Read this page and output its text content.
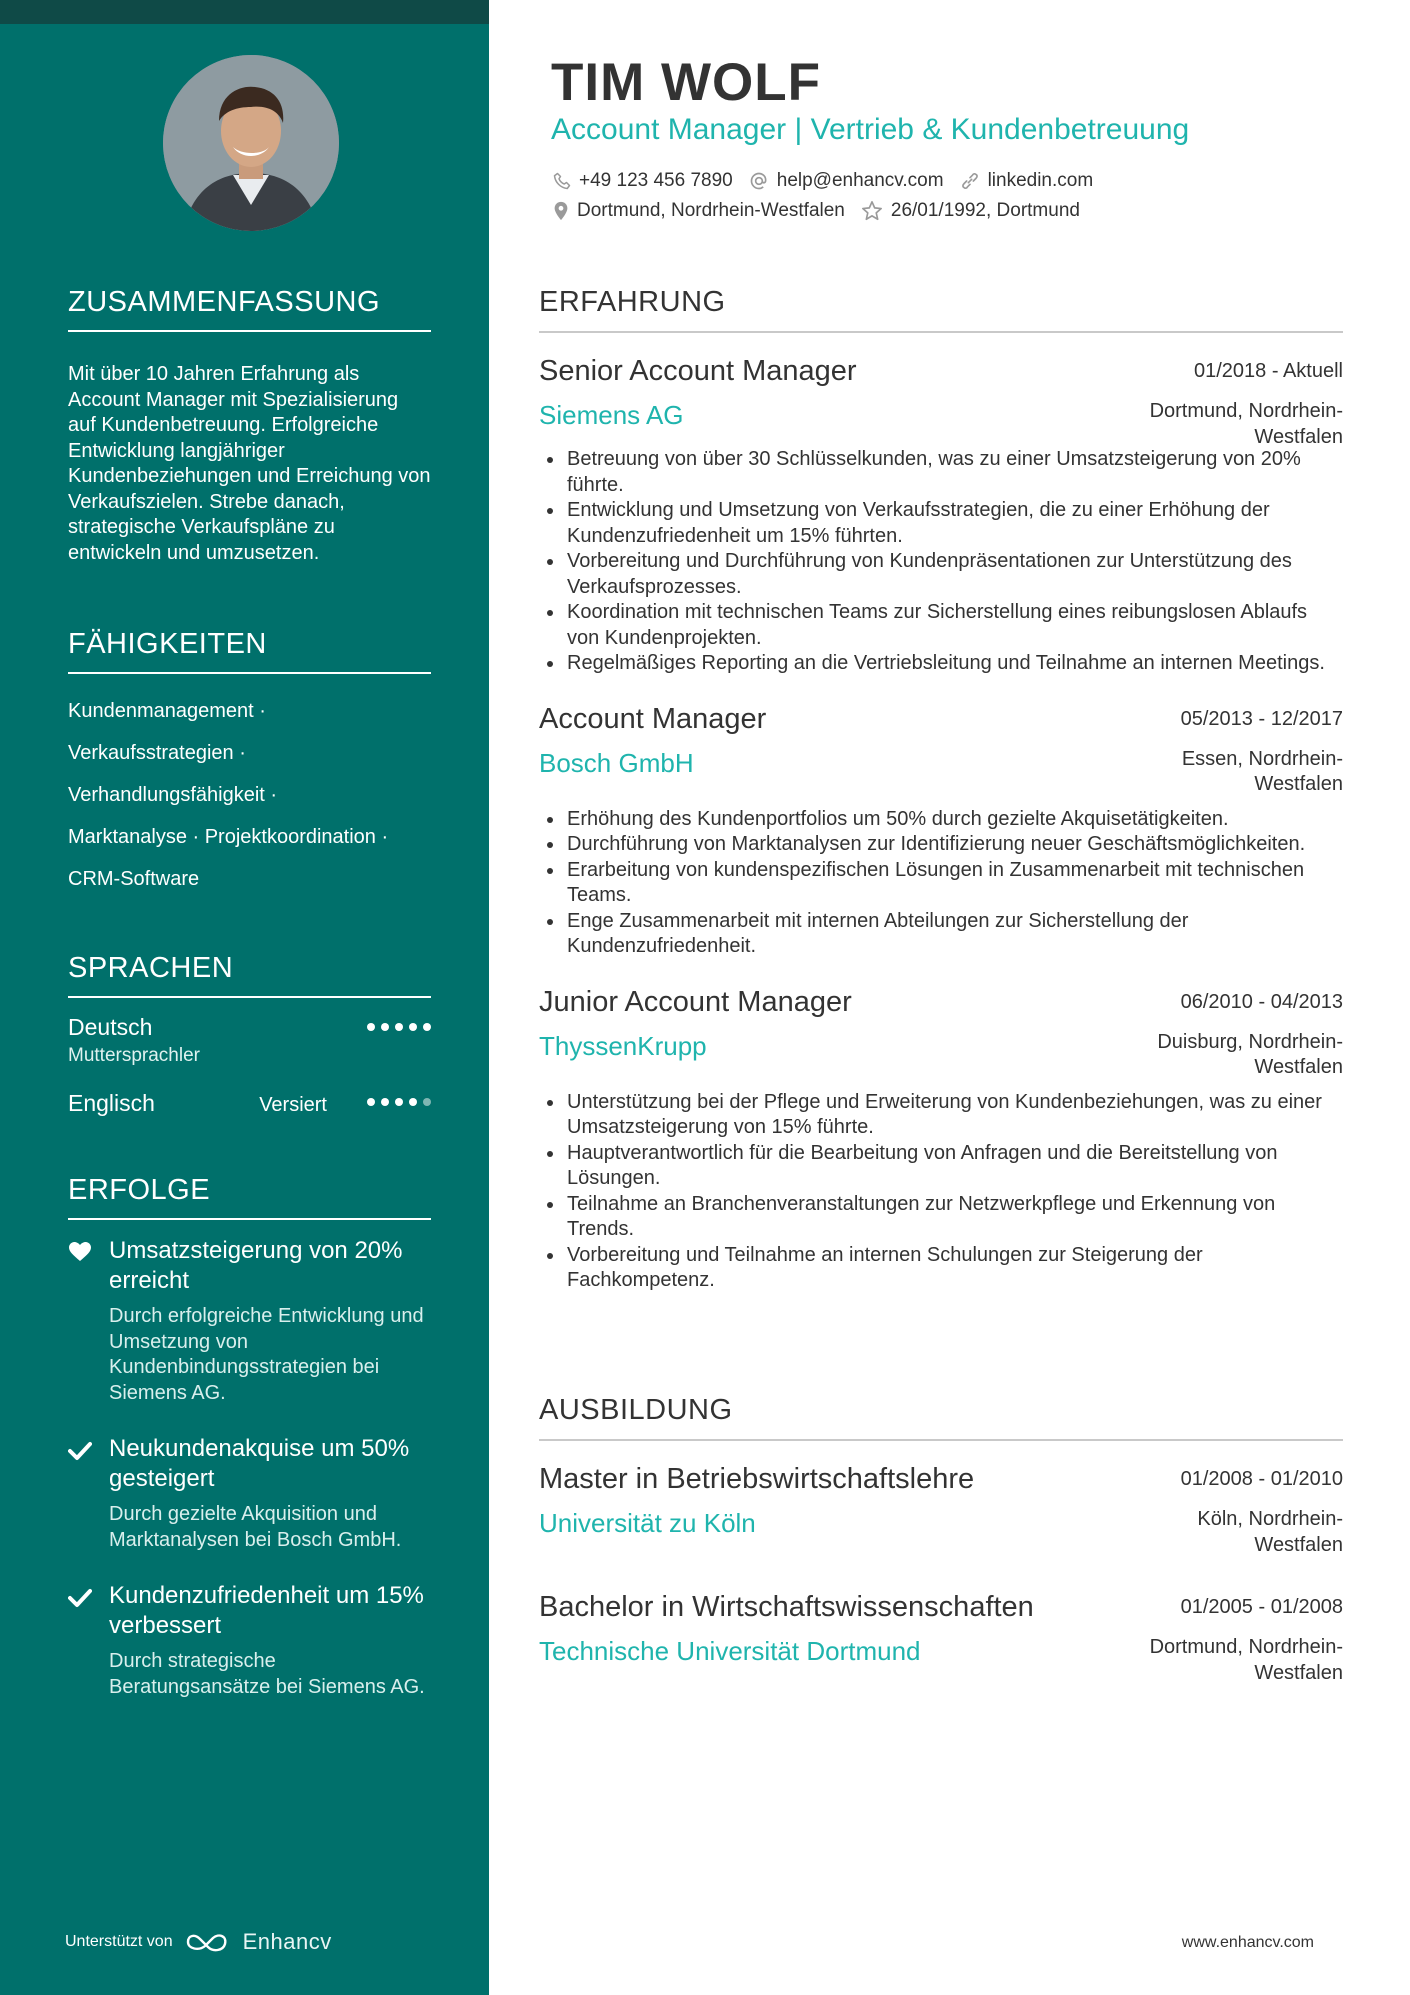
ZUSAMMENFASSUNG
Mit über 10 Jahren Erfahrung als Account Manager mit Spezialisierung auf Kundenbetreuung. Erfolgreiche Entwicklung langjähriger Kundenbeziehungen und Erreichung von Verkaufszielen. Strebe danach, strategische Verkaufspläne zu entwickeln und umzusetzen.
FÄHIGKEITEN
Kundenmanagement ·
Verkaufsstrategien ·
Verhandlungsfähigkeit ·
Marktanalyse · Projektkoordination ·
CRM-Software
SPRACHEN
Deutsch
Muttersprachler
Englisch	Versiert
ERFOLGE
Umsatzsteigerung von 20% erreicht
Durch erfolgreiche Entwicklung und Umsetzung von Kundenbindungsstrategien bei Siemens AG.
Neukundenakquise um 50% gesteigert
Durch gezielte Akquisition und Marktanalysen bei Bosch GmbH.
Kundenzufriedenheit um 15% verbessert
Durch strategische Beratungsansätze bei Siemens AG.
Unterstützt von	Enhancv
TIM WOLF
Account Manager | Vertrieb & Kundenbetreuung
+49 123 456 7890 help@enhancv.com linkedin.com
Dortmund, Nordrhein-Westfalen 26/01/1992, Dortmund
ERFAHRUNG
Senior Account Manager	01/2018 - Aktuell
Siemens AG	Dortmund, Nordrhein-Westfalen
Betreuung von über 30 Schlüsselkunden, was zu einer Umsatzsteigerung von 20% führte.
Entwicklung und Umsetzung von Verkaufsstrategien, die zu einer Erhöhung der Kundenzufriedenheit um 15% führten.
Vorbereitung und Durchführung von Kundenpräsentationen zur Unterstützung des Verkaufsprozesses.
Koordination mit technischen Teams zur Sicherstellung eines reibungslosen Ablaufs von Kundenprojekten.
Regelmäßiges Reporting an die Vertriebsleitung und Teilnahme an internen Meetings.
Account Manager	05/2013 - 12/2017
Bosch GmbH	Essen, Nordrhein-Westfalen
Erhöhung des Kundenportfolios um 50% durch gezielte Akquisetätigkeiten.
Durchführung von Marktanalysen zur Identifizierung neuer Geschäftsmöglichkeiten.
Erarbeitung von kundenspezifischen Lösungen in Zusammenarbeit mit technischen Teams.
Enge Zusammenarbeit mit internen Abteilungen zur Sicherstellung der Kundenzufriedenheit.
Junior Account Manager	06/2010 - 04/2013
ThyssenKrupp	Duisburg, Nordrhein-Westfalen
Unterstützung bei der Pflege und Erweiterung von Kundenbeziehungen, was zu einer Umsatzsteigerung von 15% führte.
Hauptverantwortlich für die Bearbeitung von Anfragen und die Bereitstellung von Lösungen.
Teilnahme an Branchenveranstaltungen zur Netzwerkpflege und Erkennung von Trends.
Vorbereitung und Teilnahme an internen Schulungen zur Steigerung der Fachkompetenz.
AUSBILDUNG
Master in Betriebswirtschaftslehre	01/2008 - 01/2010
Universität zu Köln	Köln, Nordrhein-Westfalen
Bachelor in Wirtschaftswissenschaften	01/2005 - 01/2008
Technische Universität Dortmund	Dortmund, Nordrhein-Westfalen
www.enhancv.com
